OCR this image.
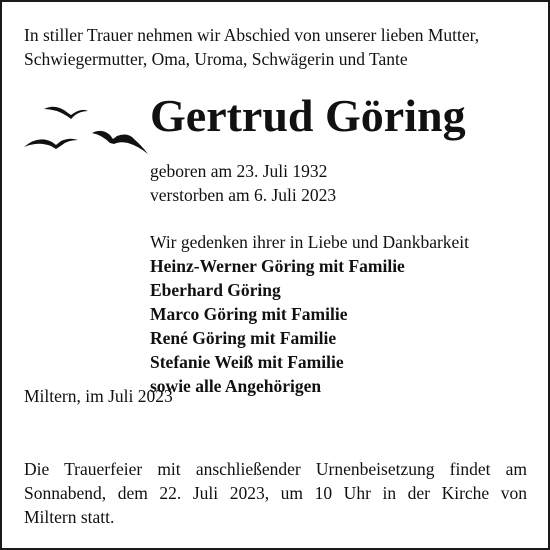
In stiller Trauer nehmen wir Abschied von unserer lieben Mutter,
Schwiegermutter, Oma, Uroma, Schwägerin und Tante
Gertrud Göring
geboren am 23. Juli 1932
verstorben am 6. Juli 2023
Wir gedenken ihrer in Liebe und Dankbarkeit
Heinz-Werner Göring mit Familie
Eberhard Göring
Marco Göring mit Familie
René Göring mit Familie
Stefanie Weiß mit Familie
sowie alle Angehörigen
Miltern, im Juli 2023
Die Trauerfeier mit anschließender Urnenbeisetzung findet am
Sonnabend, dem 22. Juli 2023, um 10 Uhr in der Kirche von
Miltern statt.
